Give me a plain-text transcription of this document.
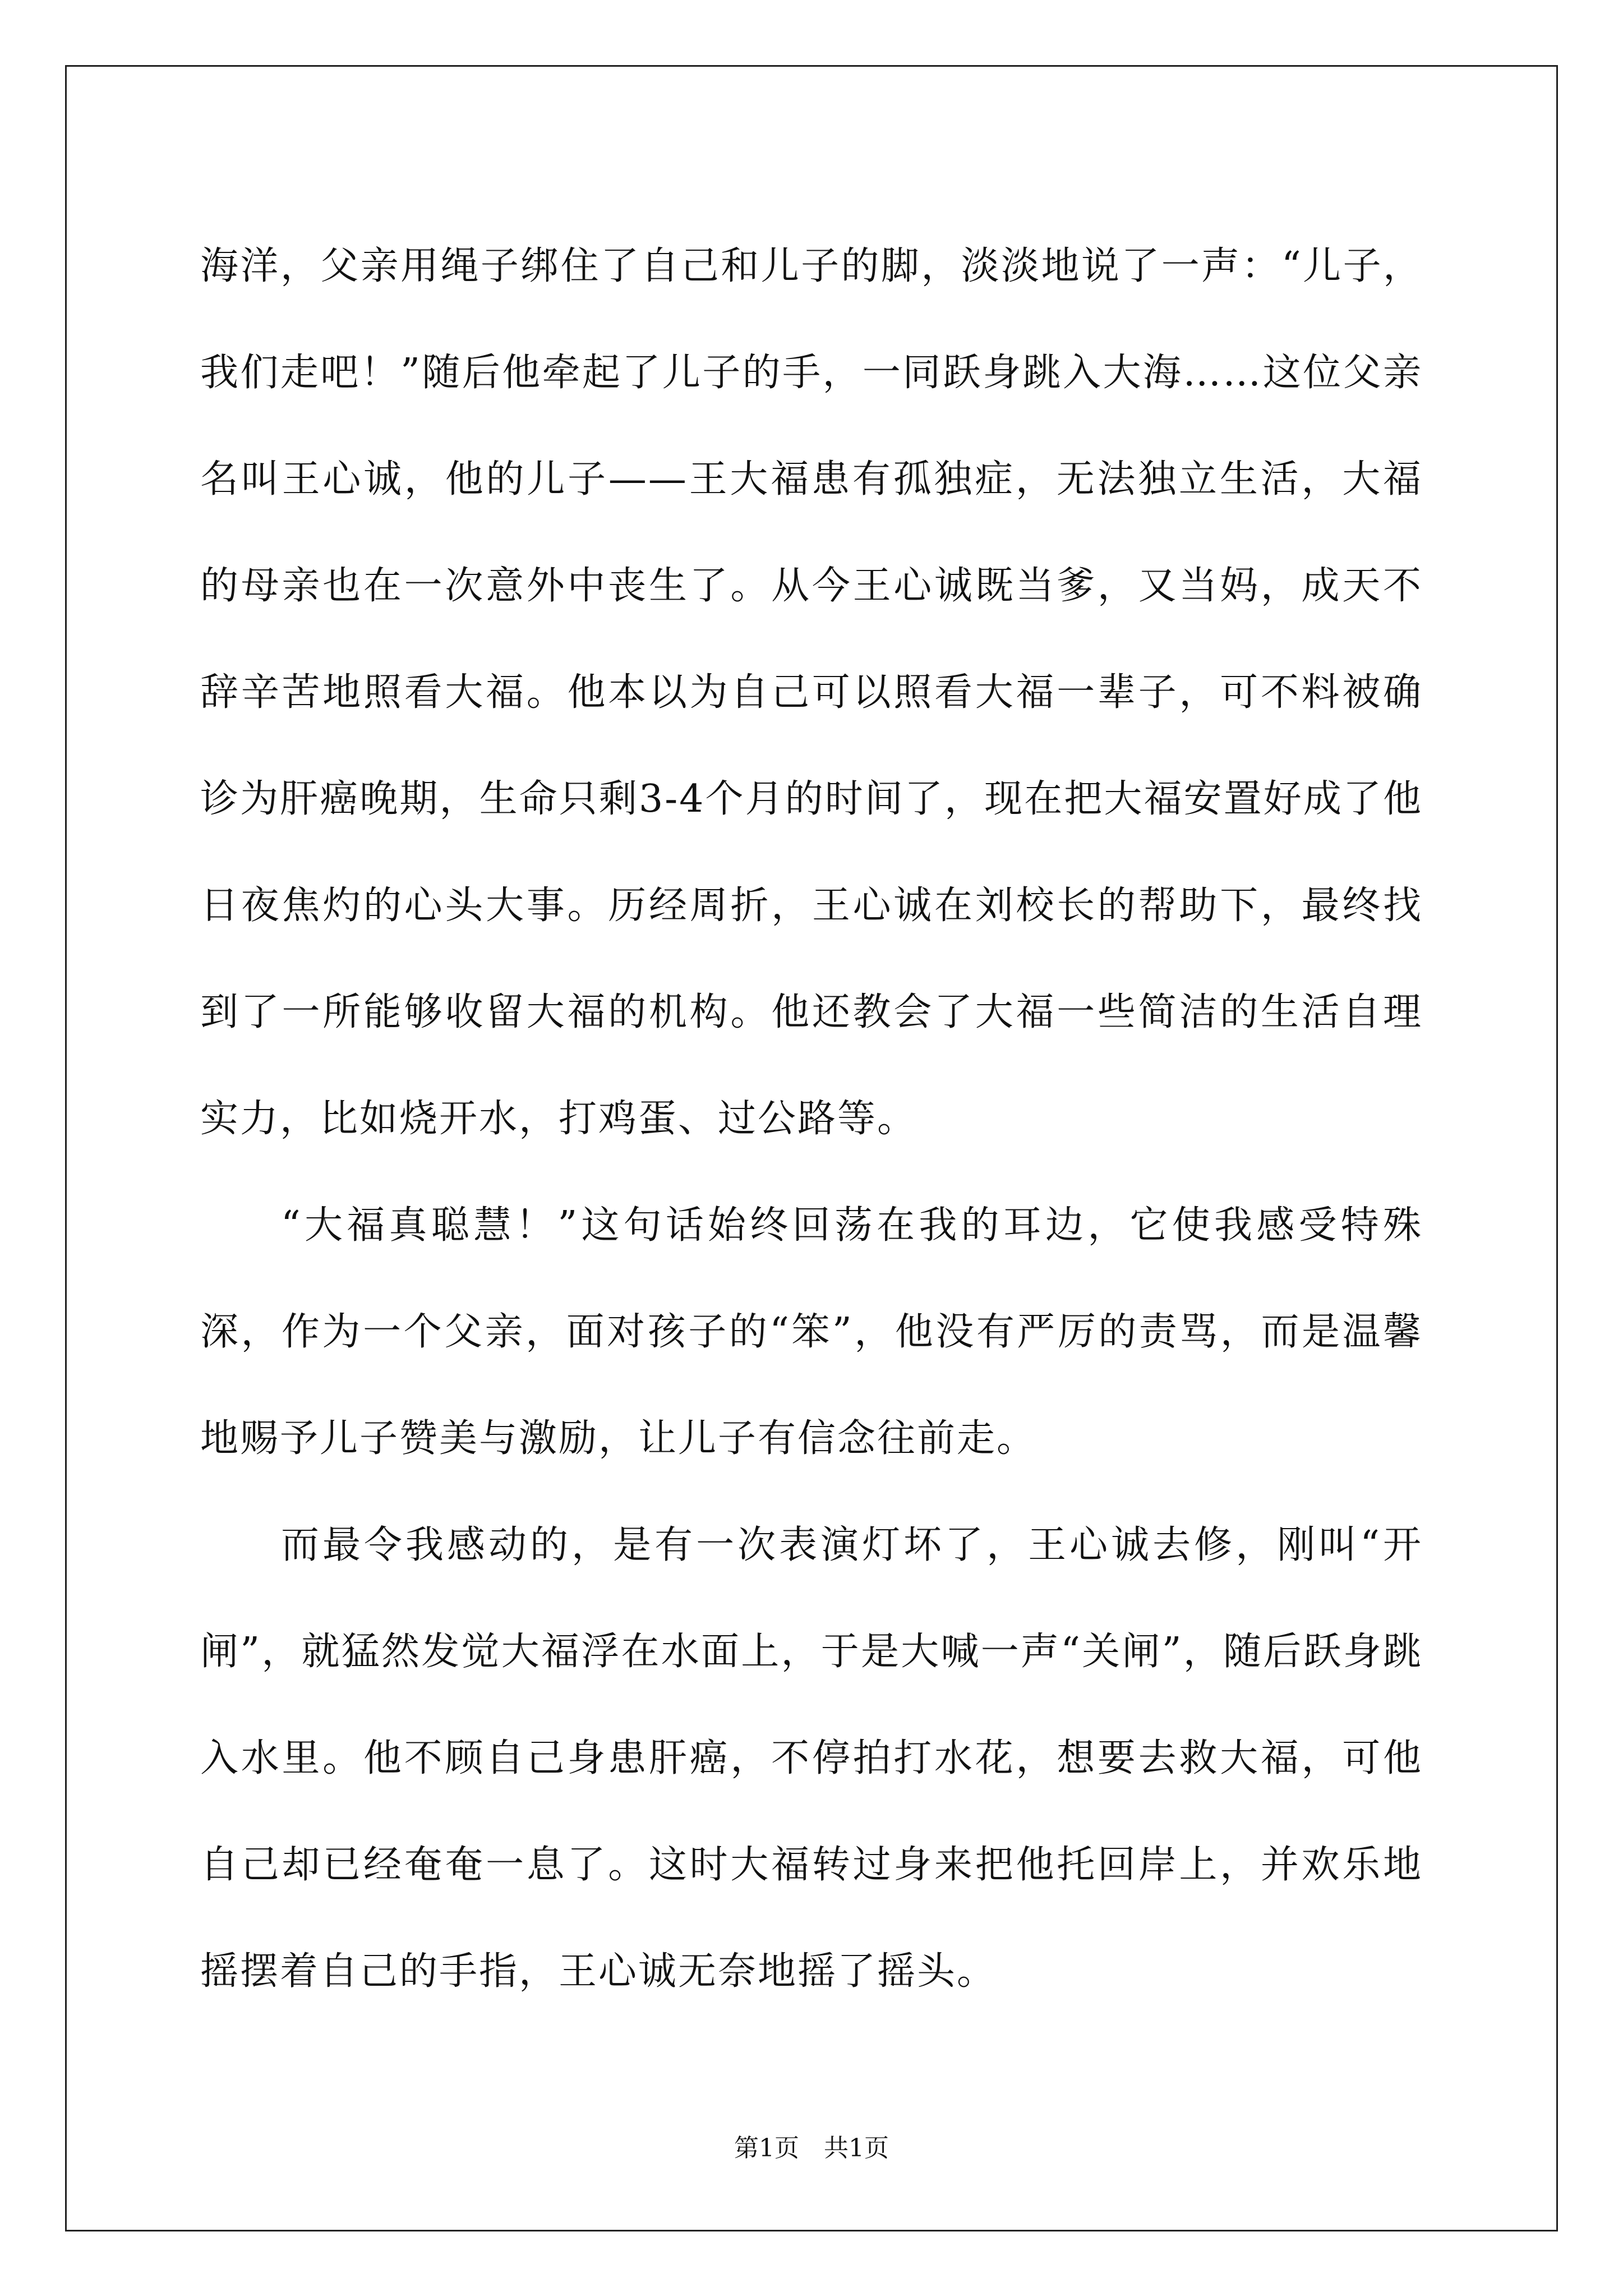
海洋，父亲用绳子绑住了自己和儿子的脚，淡淡地说了一声：“儿子，我们走吧！”随后他牵起了儿子的手，一同跃身跳入大海……这位父亲名叫王心诚，他的儿子——王大福患有孤独症，无法独立生活，大福的母亲也在一次意外中丧生了。从今王心诚既当爹，又当妈，成天不辞辛苦地照看大福。他本以为自己可以照看大福一辈子，可不料被确诊为肝癌晚期，生命只剩3-4个月的时间了，现在把大福安置好成了他日夜焦灼的心头大事。历经周折，王心诚在刘校长的帮助下，最终找到了一所能够收留大福的机构。他还教会了大福一些简洁的生活自理实力，比如烧开水，打鸡蛋、过公路等。

“大福真聪慧！”这句话始终回荡在我的耳边，它使我感受特殊深，作为一个父亲，面对孩子的“笨”，他没有严厉的责骂，而是温馨地赐予儿子赞美与激励，让儿子有信念往前走。

而最令我感动的，是有一次表演灯坏了，王心诚去修，刚叫“开闸”，就猛然发觉大福浮在水面上，于是大喊一声“关闸”，随后跃身跳入水里。他不顾自己身患肝癌，不停拍打水花，想要去救大福，可他自己却已经奄奄一息了。这时大福转过身来把他托回岸上，并欢乐地摇摆着自己的手指，王心诚无奈地摇了摇头。

第1页　共1页
